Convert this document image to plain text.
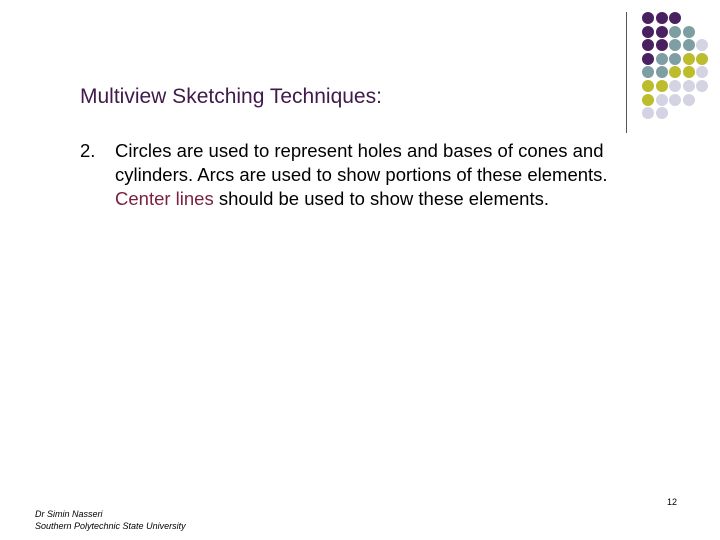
Multiview Sketching Techniques:
2.	Circles are used to represent holes and bases of cones and cylinders. Arcs are used to show portions of these elements. Center lines should be used to show these elements.
12
Dr Simin Nasseri
Southern Polytechnic State University
